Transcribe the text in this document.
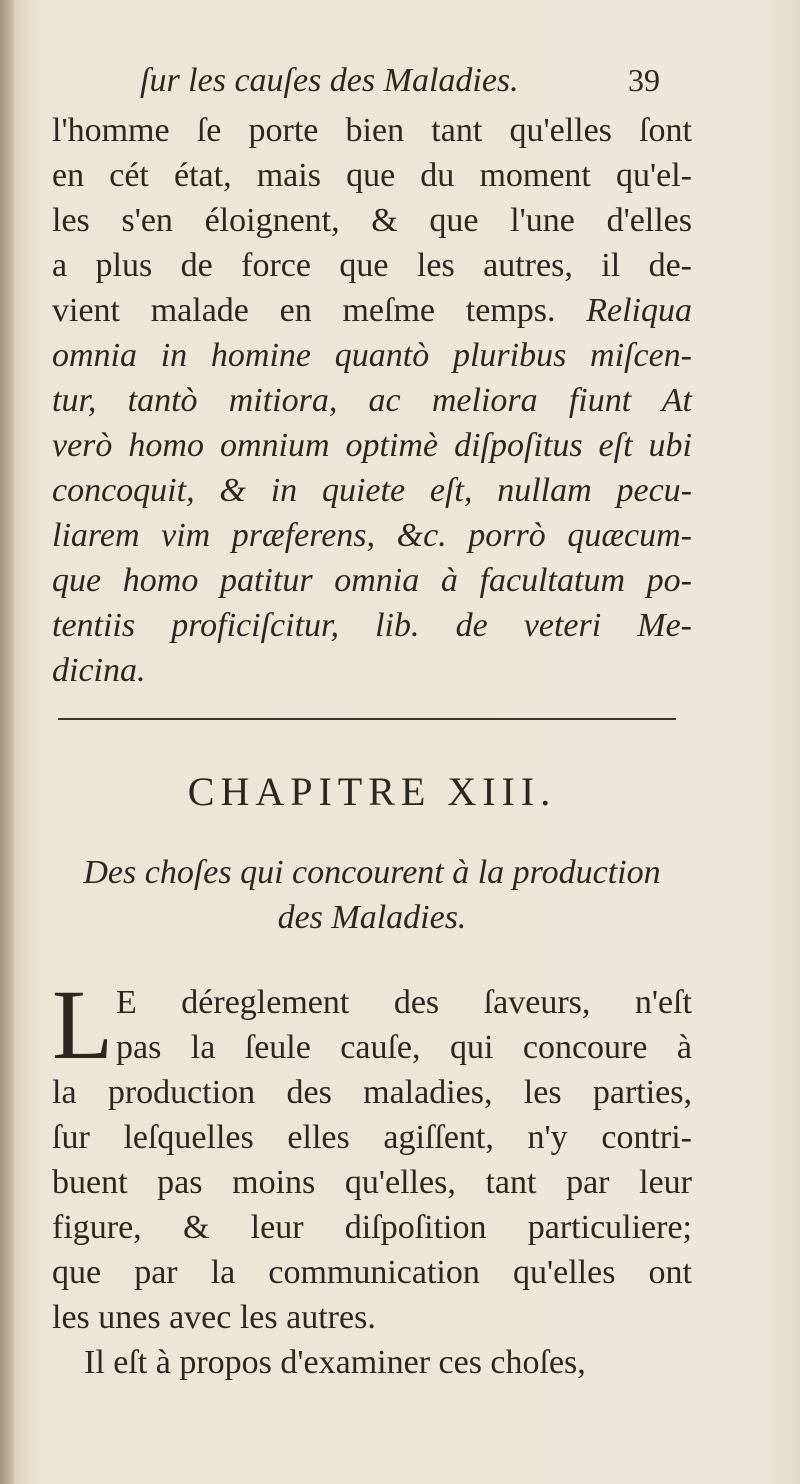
ſur les cauſes des Maladies.	39
l'homme ſe porte bien tant qu'elles ſont
en cét état, mais que du moment qu'el-
les s'en éloignent, & que l'une d'elles
a plus de force que les autres, il de-
vient malade en meſme temps. Reliqua
omnia in homine quantò pluribus miſcen-
tur, tantò mitiora, ac meliora fiunt At
verò homo omnium optimè diſpoſitus eſt ubi
concoquit, & in quiete eſt, nullam pecu-
liarem vim præferens, &c. porrò quæcum-
que homo patitur omnia à facultatum po-
tentiis proficiſcitur, lib. de veteri Me-
dicina.
CHAPITRE XIII.
Des choſes qui concourent à la production
des Maladies.
L E déreglement des ſaveurs, n'eſt
pas la ſeule cauſe, qui concoure à
la production des maladies, les parties,
ſur leſquelles elles agiſſent, n'y contri-
buent pas moins qu'elles, tant par leur
figure, & leur diſpoſition particuliere;
que par la communication qu'elles ont
les unes avec les autres.
Il eſt à propos d'examiner ces choſes,
